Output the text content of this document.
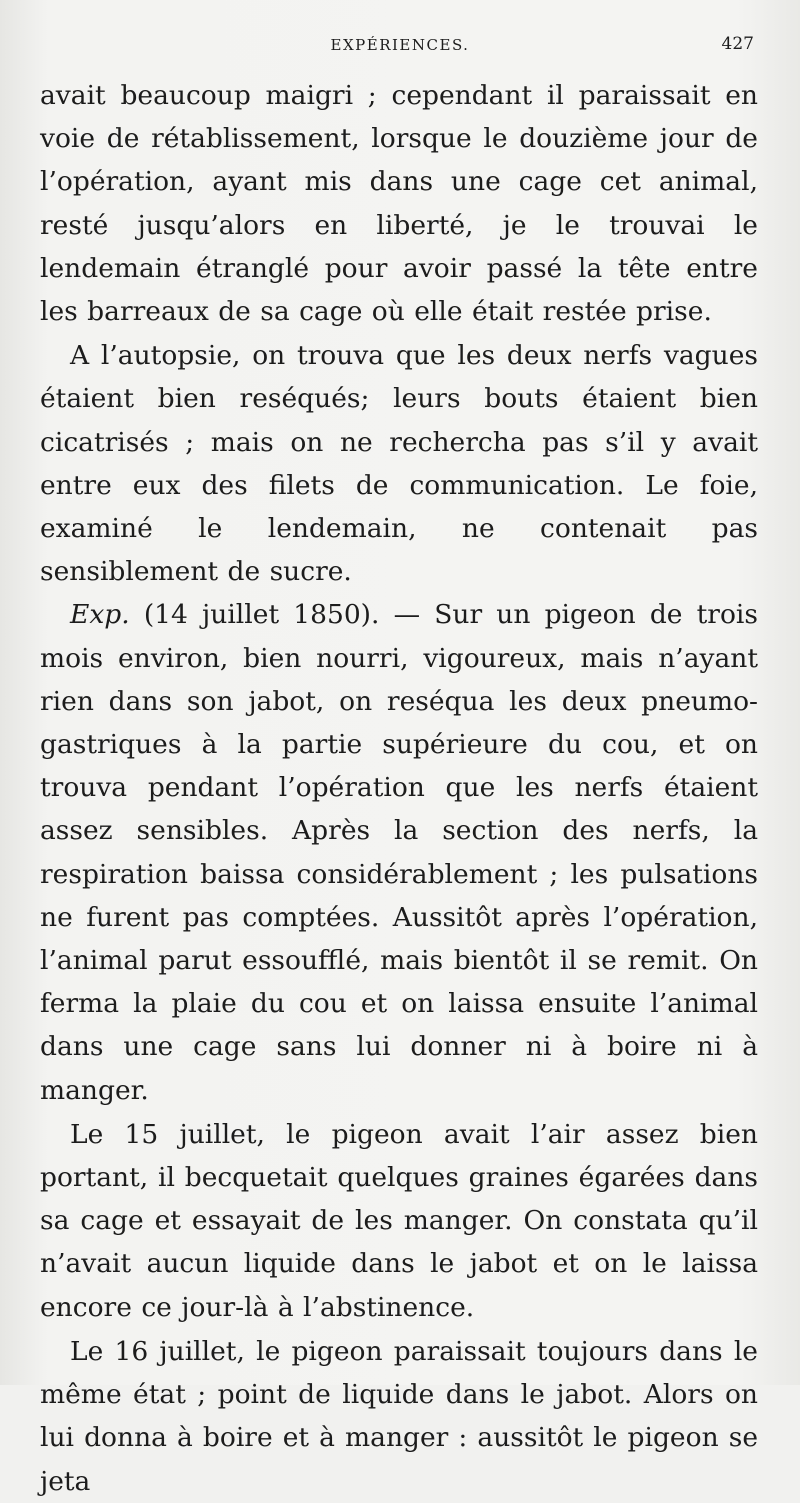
EXPÉRIENCES.	427

avait beaucoup maigri ; cependant il paraissait en voie de rétablissement, lorsque le douzième jour de l’opération, ayant mis dans une cage cet animal, resté jusqu’alors en liberté, je le trouvai le lendemain étranglé pour avoir passé la tête entre les barreaux de sa cage où elle était restée prise.

A l’autopsie, on trouva que les deux nerfs vagues étaient bien reséqués; leurs bouts étaient bien cicatrisés ; mais on ne rechercha pas s’il y avait entre eux des filets de communication. Le foie, examiné le lendemain, ne contenait pas sensiblement de sucre.

Exp. (14 juillet 1850). — Sur un pigeon de trois mois environ, bien nourri, vigoureux, mais n’ayant rien dans son jabot, on reséqua les deux pneumo-gastriques à la partie supérieure du cou, et on trouva pendant l’opération que les nerfs étaient assez sensibles. Après la section des nerfs, la respiration baissa considérablement ; les pulsations ne furent pas comptées. Aussitôt après l’opération, l’animal parut essoufflé, mais bientôt il se remit. On ferma la plaie du cou et on laissa ensuite l’animal dans une cage sans lui donner ni à boire ni à manger.

Le 15 juillet, le pigeon avait l’air assez bien portant, il becquetait quelques graines égarées dans sa cage et essayait de les manger. On constata qu’il n’avait aucun liquide dans le jabot et on le laissa encore ce jour-là à l’abstinence.

Le 16 juillet, le pigeon paraissait toujours dans le même état ; point de liquide dans le jabot. Alors on lui donna à boire et à manger : aussitôt le pigeon se jeta
